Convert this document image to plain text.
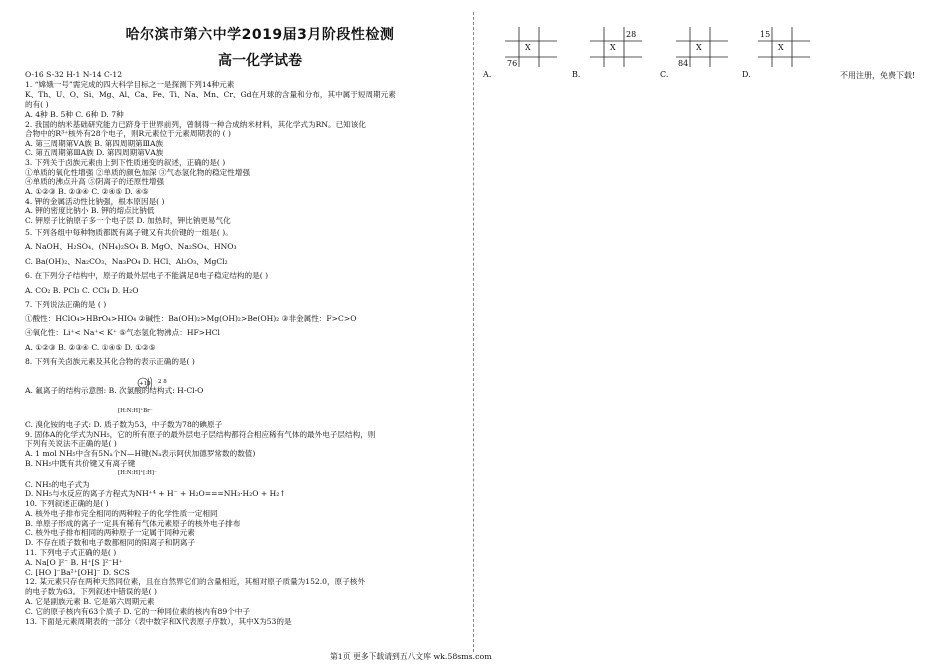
哈尔滨市第六中学2019届3月阶段性检测
高一化学试卷
O-16 S-32 H-1 N-14 C-12
1. “嫦娥一号”需完成的四大科学目标之一是探测下列14种元素
K、Th、U、O、Si、Mg、Al、Ca、Fe、Ti、Na、Mn、Cr、Gd在月球的含量和分布，其中属于短周期元素
的有( )
A. 4种 B. 5种 C. 6种 D. 7种
2. 我国的纳米基础研究能力已跻身于世界前列，曾制得一种合成纳米材料，其化学式为RN。已知该化
合物中的R³⁺核外有28个电子，则R元素位于元素周期表的 ( )
A. 第三周期第ⅤA族 B. 第四周期第ⅢA族
C. 第五周期第ⅢA族 D. 第四周期第ⅤA族
3. 下列关于卤族元素由上到下性质递变的叙述，正确的是( )
①单质的氧化性增强 ②单质的颜色加深 ③气态氢化物的稳定性增强
④单质的沸点升高 ⑤阴离子的还原性增强
A. ①②③ B. ②③④ C. ②④⑤ D. ④⑤
4. 钾的金属活动性比钠强，根本原因是( )
A. 钾的密度比钠小 B. 钾的熔点比钠低
C. 钾原子比钠原子多一个电子层 D. 加热时，钾比钠更易气化
5. 下列各组中每种物质都既有离子键又有共价键的一组是( )。
A. NaOH、H₂SO₄、(NH₄)₂SO₄ B. MgO、Na₂SO₄、HNO₃
C. Ba(OH)₂、Na₂CO₃、Na₃PO₄ D. HCl、Al₂O₃、MgCl₂
6. 在下列分子结构中，原子的最外层电子不能满足8电子稳定结构的是( )
A. CO₂ B. PCl₃ C. CCl₄ D. H₂O
7. 下列说法正确的是 ( )
①酸性：HClO₄>HBrO₄>HIO₄ ②碱性：Ba(OH)₂>Mg(OH)₂>Be(OH)₂ ③非金属性：F>C>O
④氧化性：Li⁺< Na⁺< K⁺ ⑤气态氢化物沸点：HF>HCl
A. ①②③ B. ②③④ C. ①④⑤ D. ①②⑤
8. 下列有关卤族元素及其化合物的表示正确的是( )
A. 氟离子的结构示意图: B. 次氯酸的结构式: H-Cl-O
C. 溴化铵的电子式: D. 质子数为53，中子数为78的碘原子
9. 固体A的化学式为NH₅，它的所有原子的最外层电子层结构都符合相应稀有气体的最外电子层结构，则
下列有关说法不正确的是( )
A. 1 mol NH₅中含有5Nₐ个N—H键(Nₐ表示阿伏加德罗常数的数值)
B. NH₅中既有共价键又有离子键
C. NH₅的电子式为
D. NH₅与水反应的离子方程式为NH⁺⁴ + H⁻ + H₂O===NH₃·H₂O + H₂↑
10. 下列叙述正确的是( )
A. 核外电子排布完全相同的两种粒子的化学性质一定相同
B. 单原子形成的离子一定具有稀有气体元素原子的核外电子排布
C. 核外电子排布相同的两种原子一定属于同种元素
D. 不存在质子数和电子数都相同的阳离子和阴离子
11. 下列电子式正确的是( )
A. Na[O ]²⁻ B. H⁺[S ]²⁻H⁺
C. [HO ]⁻Ba²⁺[OH]⁻ D. SCS
12. 某元素只存在两种天然同位素，且在自然界它们的含量相近，其相对原子质量为152.0，原子核外
的电子数为63。下列叙述中错误的是( )
A. 它是副族元素 B. 它是第六周期元素
C. 它的原子核内有63个质子 D. 它的一种同位素的核内有89个中子
13. 下面是元素周期表的一部分（表中数字和X代表原子序数），其中X为53的是
+10 2 8
[H:N:H]⁺Br⁻
[H:N:H]⁺[:H]⁻
A.
X
76
B.
X
28
C.
X
84
D.
X
15
不用注册，免费下载!
第1页 更多下载请到五八文库 wk.58sms.com
